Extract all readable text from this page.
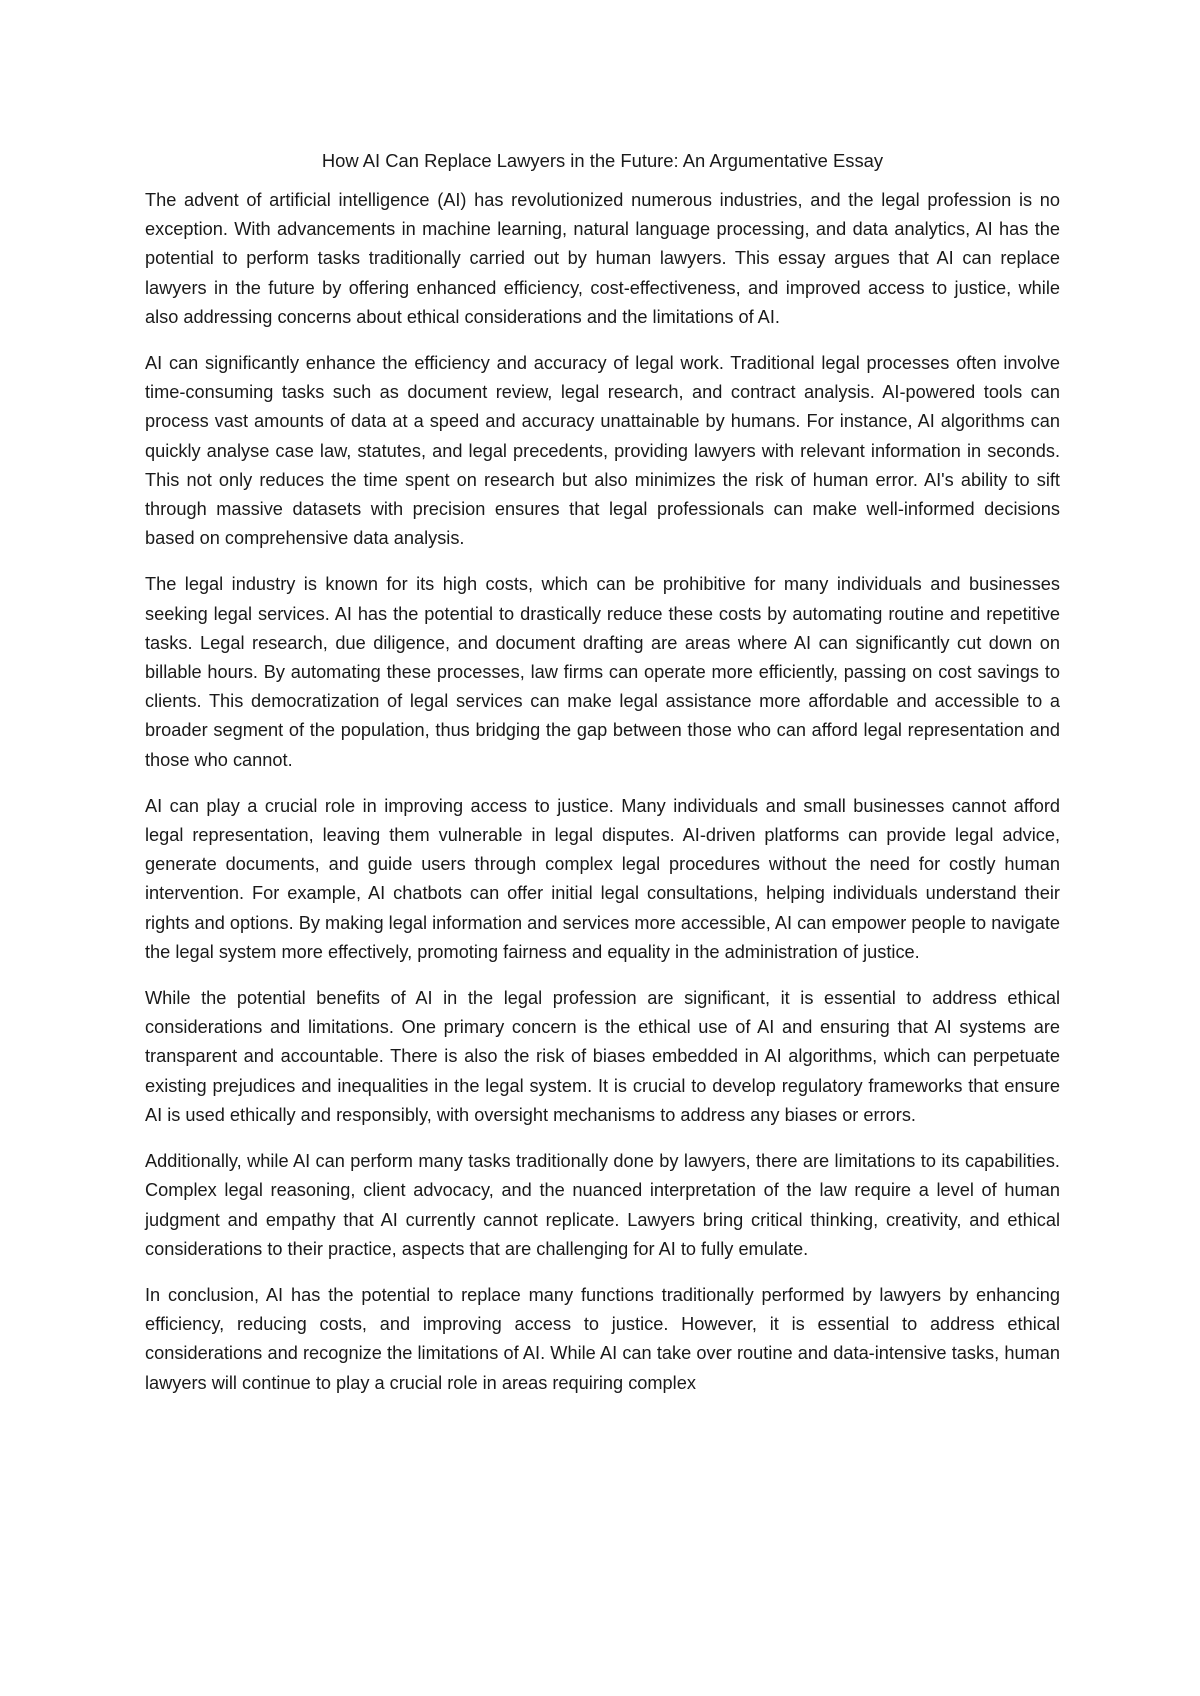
How AI Can Replace Lawyers in the Future: An Argumentative Essay

The advent of artificial intelligence (AI) has revolutionized numerous industries, and the legal profession is no exception. With advancements in machine learning, natural language processing, and data analytics, AI has the potential to perform tasks traditionally carried out by human lawyers. This essay argues that AI can replace lawyers in the future by offering enhanced efficiency, cost-effectiveness, and improved access to justice, while also addressing concerns about ethical considerations and the limitations of AI.

AI can significantly enhance the efficiency and accuracy of legal work. Traditional legal processes often involve time-consuming tasks such as document review, legal research, and contract analysis. AI-powered tools can process vast amounts of data at a speed and accuracy unattainable by humans. For instance, AI algorithms can quickly analyse case law, statutes, and legal precedents, providing lawyers with relevant information in seconds. This not only reduces the time spent on research but also minimizes the risk of human error. AI's ability to sift through massive datasets with precision ensures that legal professionals can make well-informed decisions based on comprehensive data analysis.

The legal industry is known for its high costs, which can be prohibitive for many individuals and businesses seeking legal services. AI has the potential to drastically reduce these costs by automating routine and repetitive tasks. Legal research, due diligence, and document drafting are areas where AI can significantly cut down on billable hours. By automating these processes, law firms can operate more efficiently, passing on cost savings to clients. This democratization of legal services can make legal assistance more affordable and accessible to a broader segment of the population, thus bridging the gap between those who can afford legal representation and those who cannot.

AI can play a crucial role in improving access to justice. Many individuals and small businesses cannot afford legal representation, leaving them vulnerable in legal disputes. AI-driven platforms can provide legal advice, generate documents, and guide users through complex legal procedures without the need for costly human intervention. For example, AI chatbots can offer initial legal consultations, helping individuals understand their rights and options. By making legal information and services more accessible, AI can empower people to navigate the legal system more effectively, promoting fairness and equality in the administration of justice.

While the potential benefits of AI in the legal profession are significant, it is essential to address ethical considerations and limitations. One primary concern is the ethical use of AI and ensuring that AI systems are transparent and accountable. There is also the risk of biases embedded in AI algorithms, which can perpetuate existing prejudices and inequalities in the legal system. It is crucial to develop regulatory frameworks that ensure AI is used ethically and responsibly, with oversight mechanisms to address any biases or errors.

Additionally, while AI can perform many tasks traditionally done by lawyers, there are limitations to its capabilities. Complex legal reasoning, client advocacy, and the nuanced interpretation of the law require a level of human judgment and empathy that AI currently cannot replicate. Lawyers bring critical thinking, creativity, and ethical considerations to their practice, aspects that are challenging for AI to fully emulate.

In conclusion, AI has the potential to replace many functions traditionally performed by lawyers by enhancing efficiency, reducing costs, and improving access to justice. However, it is essential to address ethical considerations and recognize the limitations of AI. While AI can take over routine and data-intensive tasks, human lawyers will continue to play a crucial role in areas requiring complex
